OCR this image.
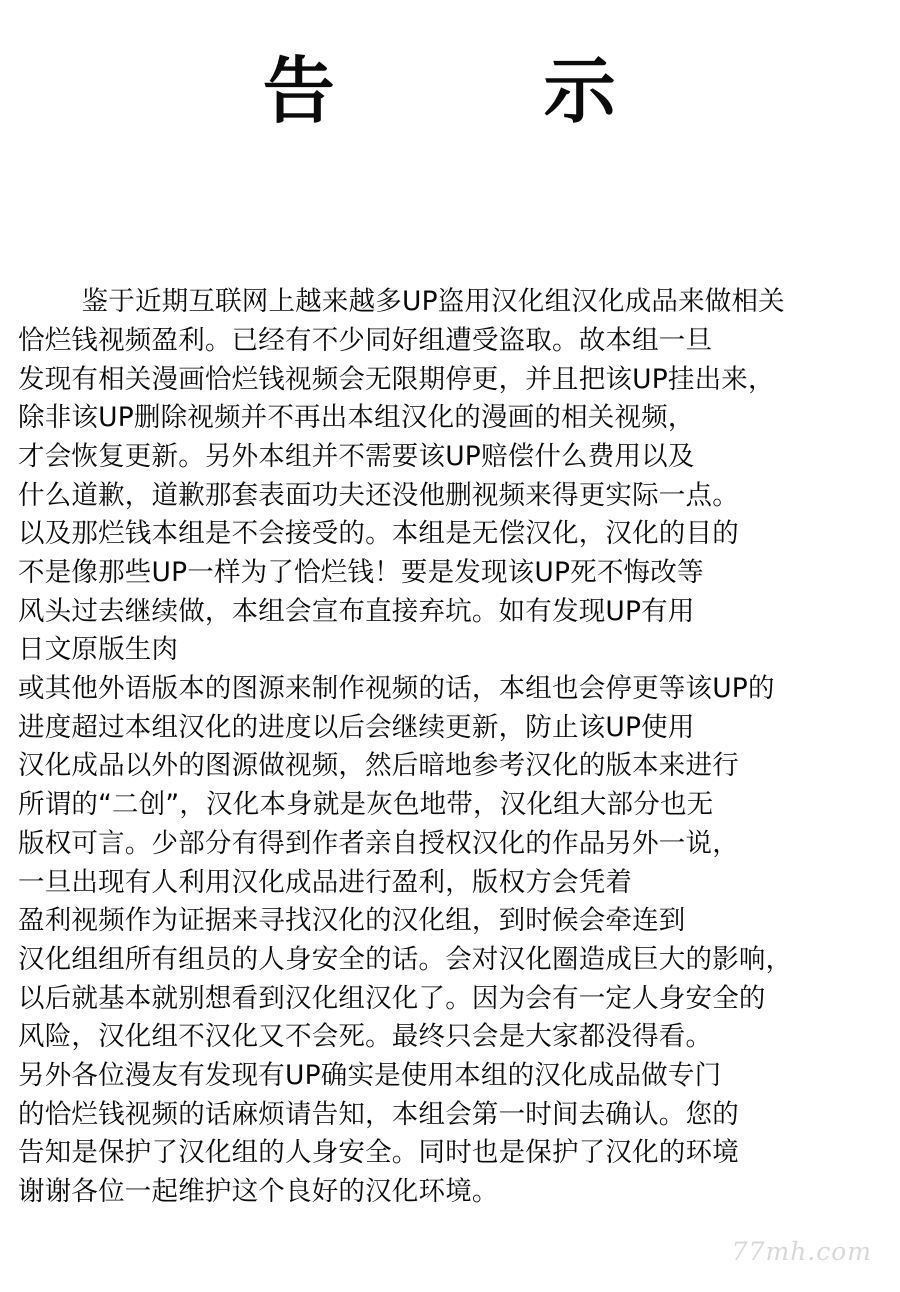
告　　示

鉴于近期互联网上越来越多UP盗用汉化组汉化成品来做相关

恰烂钱视频盈利。已经有不少同好组遭受盗取。故本组一旦

发现有相关漫画恰烂钱视频会无限期停更，并且把该UP挂出来，

除非该UP删除视频并不再出本组汉化的漫画的相关视频，

才会恢复更新。另外本组并不需要该UP赔偿什么费用以及

什么道歉，道歉那套表面功夫还没他删视频来得更实际一点。

以及那烂钱本组是不会接受的。本组是无偿汉化，汉化的目的

不是像那些UP一样为了恰烂钱！要是发现该UP死不悔改等

风头过去继续做，本组会宣布直接弃坑。如有发现UP有用

日文原版生肉

或其他外语版本的图源来制作视频的话，本组也会停更等该UP的

进度超过本组汉化的进度以后会继续更新，防止该UP使用

汉化成品以外的图源做视频，然后暗地参考汉化的版本来进行

所谓的“二创”，汉化本身就是灰色地带，汉化组大部分也无

版权可言。少部分有得到作者亲自授权汉化的作品另外一说，

一旦出现有人利用汉化成品进行盈利，版权方会凭着

盈利视频作为证据来寻找汉化的汉化组，到时候会牵连到

汉化组组所有组员的人身安全的话。会对汉化圈造成巨大的影响，

以后就基本就别想看到汉化组汉化了。因为会有一定人身安全的

风险，汉化组不汉化又不会死。最终只会是大家都没得看。

另外各位漫友有发现有UP确实是使用本组的汉化成品做专门

的恰烂钱视频的话麻烦请告知，本组会第一时间去确认。您的

告知是保护了汉化组的人身安全。同时也是保护了汉化的环境

谢谢各位一起维护这个良好的汉化环境。

77mh.com
